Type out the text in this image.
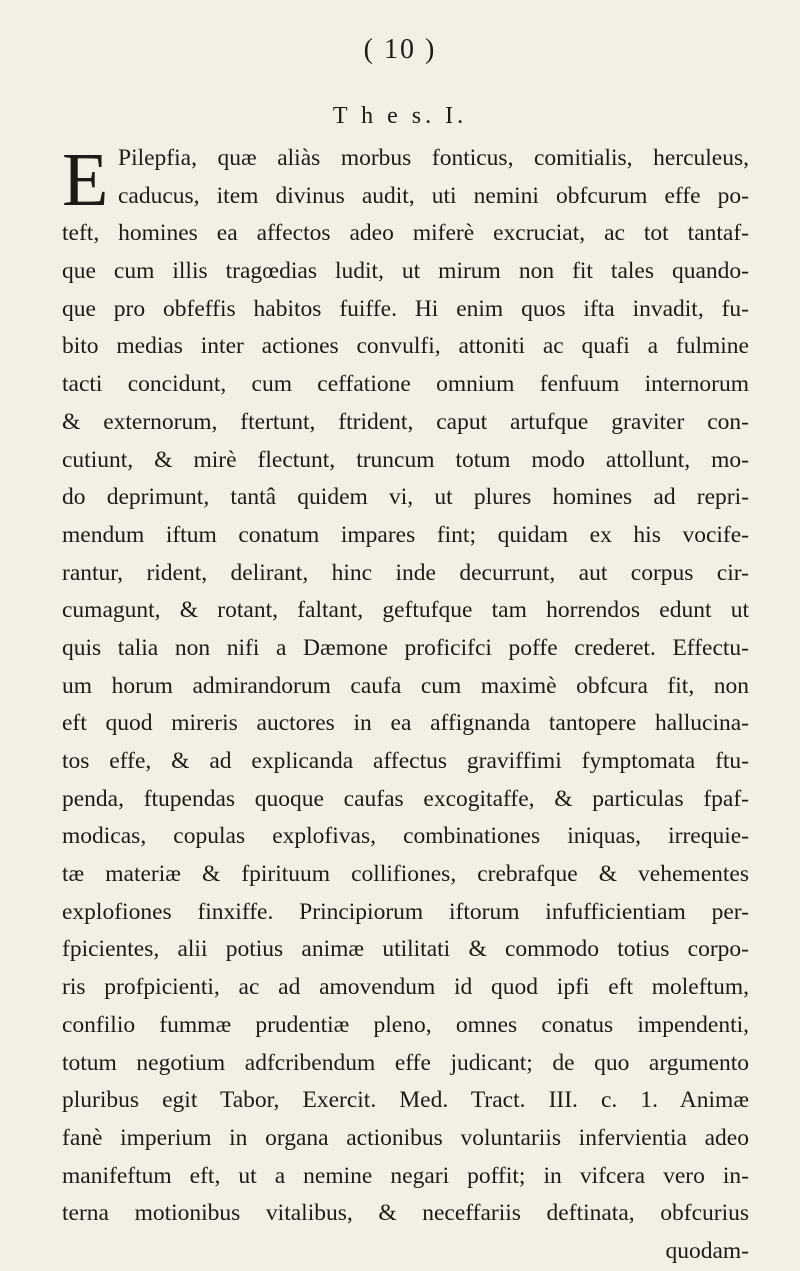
( 10 )
T h e s. I.
E Pilepfia, quæ aliàs morbus fonticus, comitialis, herculeus,
caducus, item divinus audit, uti nemini obfcurum effe po-
teft, homines ea affectos adeo miferè excruciat, ac tot tantaf-
que cum illis tragœdias ludit, ut mirum non fit tales quando-
que pro obfeffis habitos fuiffe. Hi enim quos ifta invadit, fu-
bito medias inter actiones convulfi, attoniti ac quafi a fulmine
tacti concidunt, cum ceffatione omnium fenfuum internorum
& externorum, ftertunt, ftrident, caput artufque graviter con-
cutiunt, & mirè flectunt, truncum totum modo attollunt, mo-
do deprimunt, tantâ quidem vi, ut plures homines ad repri-
mendum iftum conatum impares fint; quidam ex his vocife-
rantur, rident, delirant, hinc inde decurrunt, aut corpus cir-
cumagunt, & rotant, faltant, geftufque tam horrendos edunt ut
quis talia non nifi a Dæmone proficifci poffe crederet. Effectu-
um horum admirandorum caufa cum maximè obfcura fit, non
eft quod mireris auctores in ea affignanda tantopere hallucina-
tos effe, & ad explicanda affectus graviffimi fymptomata ftu-
penda, ftupendas quoque caufas excogitaffe, & particulas fpaf-
modicas, copulas explofivas, combinationes iniquas, irrequie-
tæ materiæ & fpirituum collifiones, crebrafque & vehementes
explofiones finxiffe. Principiorum iftorum infufficientiam per-
fpicientes, alii potius animæ utilitati & commodo totius corpo-
ris profpicienti, ac ad amovendum id quod ipfi eft moleftum,
confilio fummæ prudentiæ pleno, omnes conatus impendenti,
totum negotium adfcribendum effe judicant; de quo argumento
pluribus egit Tabor, Exercit. Med. Tract. III. c. 1. Animæ
fanè imperium in organa actionibus voluntariis infervientia adeo
manifeftum eft, ut a nemine negari poffit; in vifcera vero in-
terna motionibus vitalibus, & neceffariis deftinata, obfcurius
quodam-
